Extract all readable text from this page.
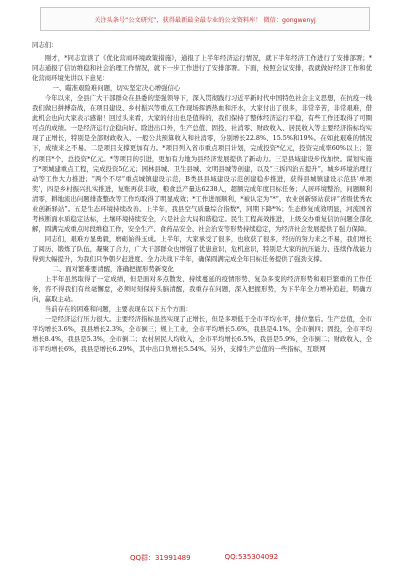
关注头条号“公文研究”，获得最新最全最专业的公文资料库！ 微信：gongwenyj

同志们：

刚才，*同志宣读了《优化营商环境政策措施》，通报了上半年经济运行情况，就下半年经济工作进行了安排部署；*同志通报了信访维稳和社会治理工作情况，就下一步工作进行了安排部署。下面，按照会议安排，我就做好经济工作和优化营商环境先讲以下意见：

一、瞄准艰险难问题，切实坚定决心增强信心

今年以来，全县广大干部群众在县委的坚强领导下，深入贯彻践行习近平新时代中国特色社会主义思想，在抗疫一线我们做日拼搏奋战，在项目建设、乡村振兴等重点工作现场挥洒热血和汗水，大家付出了很多，非常辛苦，非常艰难，借此机会也向大家表示感谢！回过头来看，大家的付出也是值得的，我们保持了整体经济运行平稳，有些工作还取得了可圈可点的成绩。一是经济运行企稳向好。除进出口外，生产总值、固投、社消零、财政收入、居民收入等主要经济指标均实现了正增长，特别是全部财政收入、一般公共预算收入和社消零，分别增长22.8%、15.5%和19%。在如此艰难的情况下，成绩来之不易。二是项目支撑更加有力。*项目列入省市重点项目计划，完成投资*亿元，投资完成率60%以上；签约项目*个，总投资*亿元。*等项目的引进，更加有力地为县经济发展提供了新动力。三是县域建设步伐加快。谋划实施了*项城建重点工程，完成投资5亿元；园林县城、卫生县城、文明县城等创建，以及“三拆四治五提升”，城乡环境治理行动等工作大力推进；“两个不尽”重点城镇建设示范，B类县县域建设示范创建稳步推进，获得县城镇建设示范县‘单项奖’，四是乡村振兴扎实推进，复账再获丰收，粮食总产量达6238人，超额完成年度目标任务；人居环境整治，问题顺利清零，耕地流出问题排查整改等工作均取得了明显成效；*工作进展顺利，*被认定为“*”，农业创新驿站获评“省级优秀农业创新驿站”。五是生态环境持续改善。上半年，我县空气质量综合指数*，同期下降*%；生态修复成效明显，河流国省考核断面水质稳定达标，土壤环境持续安全，六是社会大局和谐稳定。民生工程高效推进，上级交办重复信访问题全部化解，圆满完成重点时段维稳工作，安全生产、食药品安全、社会治安等形势持续稳定，为经济社会发展提供了强力保障。

同志们，艰难方显勇毅，磨砺始得玉成。上半年，大家承受了很多，也收获了很多，经历的努力来之不易，我们增长了阅历、锻炼了队伍，凝聚了合力，广大干部群众也增强了优患意识，危机意识，特别是大家的抗压能力、连续作战能力得到大幅提升，为我们只争朝夕赶进度、全力决战下半年，确保圆满完成全年目标任务提供了强劲支撑。

二、面对繁难要清醒，准确把握形势新变化

上半年虽然取得了一定成绩，但是面对多点散发、持续蔓延的疫情形势、复杂多变的经济形势和艰巨繁重的工作任务，容不得我们有丝毫懈怠，必须时刻保持头脑清醒，我重存在问题，深入把握形势，为下半年全力增补追赶，明确方向，赢取主动。

当前存在的困难和问题，主要表现在以下五个方面：

一是经济运行压力很大。主要经济指标虽然实现了正增长，但是多项低于全市平均水平，排位靠后。生产总值，全市平均增长3.6%，我县增长2.3%，全市倒三；规上工业，全市平均增长5.6%，我县是4.1%，全市倒四；固投，全市平均增长8.4%，我县是5.3%，全市倒二；农村居民人均收入，全市平均增长6.5%，我县是5.9%，全市倒二；财政收入，全市平均增长6%，我县是增长6.29%，其中出口负增长5.54%。另外，支撑生产总值的一些指标，互联网

QQ群：31991489	QQ:535304092
